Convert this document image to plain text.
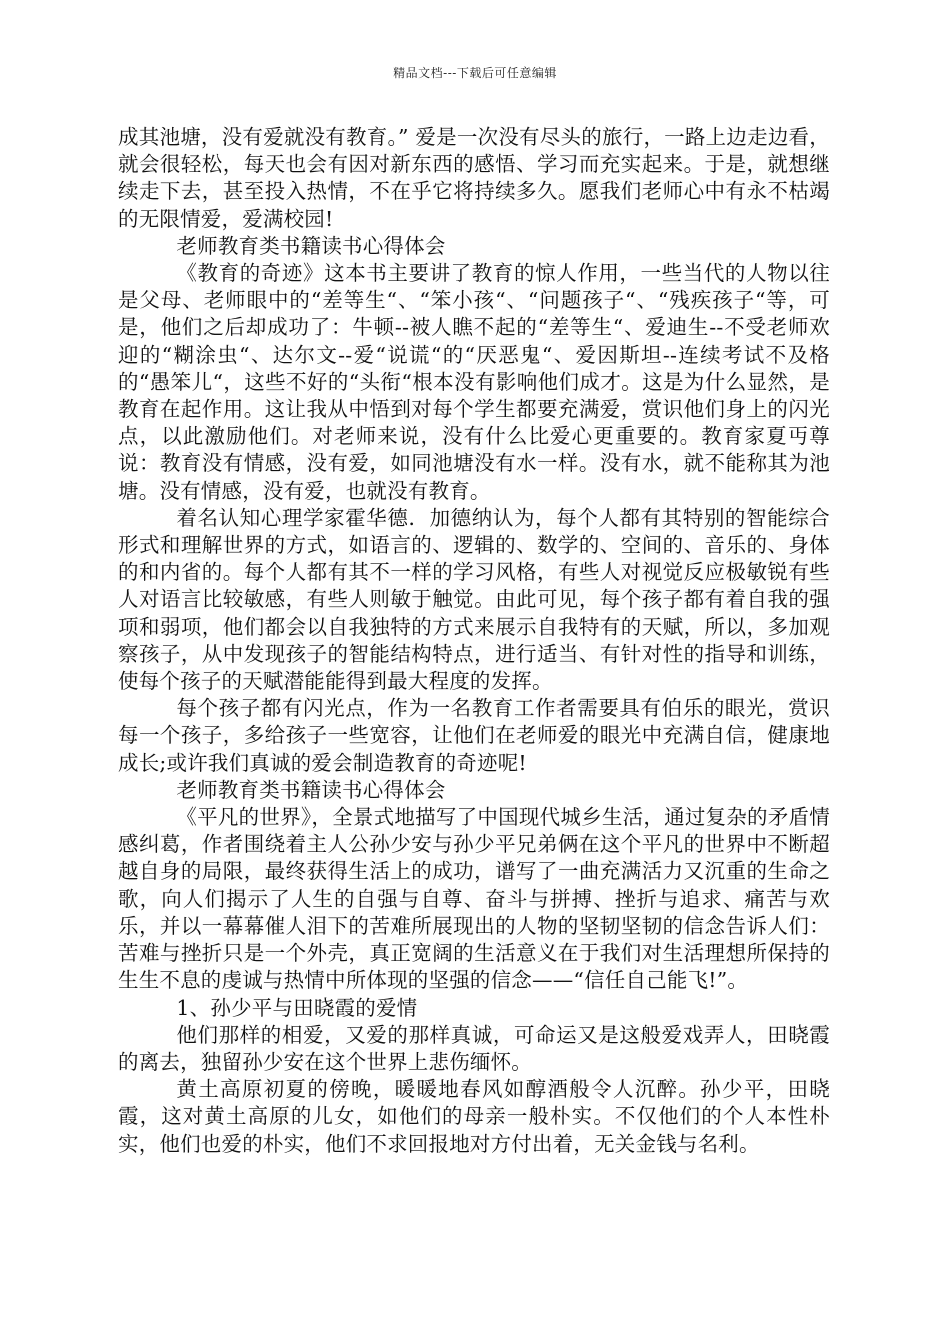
精品文档---下载后可任意编辑

成其池塘，没有爱就没有教育。” 爱是一次没有尽头的旅行，一路上边走边看，就会很轻松，每天也会有因对新东西的感悟、学习而充实起来。于是，就想继续走下去，甚至投入热情，不在乎它将持续多久。愿我们老师心中有永不枯竭的无限情爱，爱满校园!

老师教育类书籍读书心得体会

《教育的奇迹》这本书主要讲了教育的惊人作用，一些当代的人物以往是父母、老师眼中的“差等生“、“笨小孩“、“问题孩子“、“残疾孩子“等，可是，他们之后却成功了：牛顿--被人瞧不起的“差等生“、爱迪生--不受老师欢迎的“糊涂虫“、达尔文--爱“说谎“的“厌恶鬼“、爱因斯坦--连续考试不及格的“愚笨儿“，这些不好的“头衔“根本没有影响他们成才。这是为什么显然，是教育在起作用。这让我从中悟到对每个学生都要充满爱，赏识他们身上的闪光点，以此激励他们。对老师来说，没有什么比爱心更重要的。教育家夏丏尊说：教育没有情感，没有爱，如同池塘没有水一样。没有水，就不能称其为池塘。没有情感，没有爱，也就没有教育。

着名认知心理学家霍华德．加德纳认为，每个人都有其特别的智能综合形式和理解世界的方式，如语言的、逻辑的、数学的、空间的、音乐的、身体的和内省的。每个人都有其不一样的学习风格，有些人对视觉反应极敏锐有些人对语言比较敏感，有些人则敏于触觉。由此可见，每个孩子都有着自我的强项和弱项，他们都会以自我独特的方式来展示自我特有的天赋，所以，多加观察孩子，从中发现孩子的智能结构特点，进行适当、有针对性的指导和训练，使每个孩子的天赋潜能能得到最大程度的发挥。

每个孩子都有闪光点，作为一名教育工作者需要具有伯乐的眼光，赏识每一个孩子，多给孩子一些宽容，让他们在老师爱的眼光中充满自信，健康地成长;或许我们真诚的爱会制造教育的奇迹呢!

老师教育类书籍读书心得体会

《平凡的世界》，全景式地描写了中国现代城乡生活，通过复杂的矛盾情感纠葛，作者围绕着主人公孙少安与孙少平兄弟俩在这个平凡的世界中不断超越自身的局限，最终获得生活上的成功，谱写了一曲充满活力又沉重的生命之歌，向人们揭示了人生的自强与自尊、奋斗与拼搏、挫折与追求、痛苦与欢乐，并以一幕幕催人泪下的苦难所展现出的人物的坚韧坚韧的信念告诉人们：苦难与挫折只是一个外壳，真正宽阔的生活意义在于我们对生活理想所保持的生生不息的虔诚与热情中所体现的坚强的信念——“信任自己能飞!”。

1、孙少平与田晓霞的爱情

他们那样的相爱，又爱的那样真诚，可命运又是这般爱戏弄人，田晓霞的离去，独留孙少安在这个世界上悲伤缅怀。

黄土高原初夏的傍晚，暖暖地春风如醇酒般令人沉醉。孙少平，田晓霞，这对黄土高原的儿女，如他们的母亲一般朴实。不仅他们的个人本性朴实，他们也爱的朴实，他们不求回报地对方付出着，无关金钱与名利。
